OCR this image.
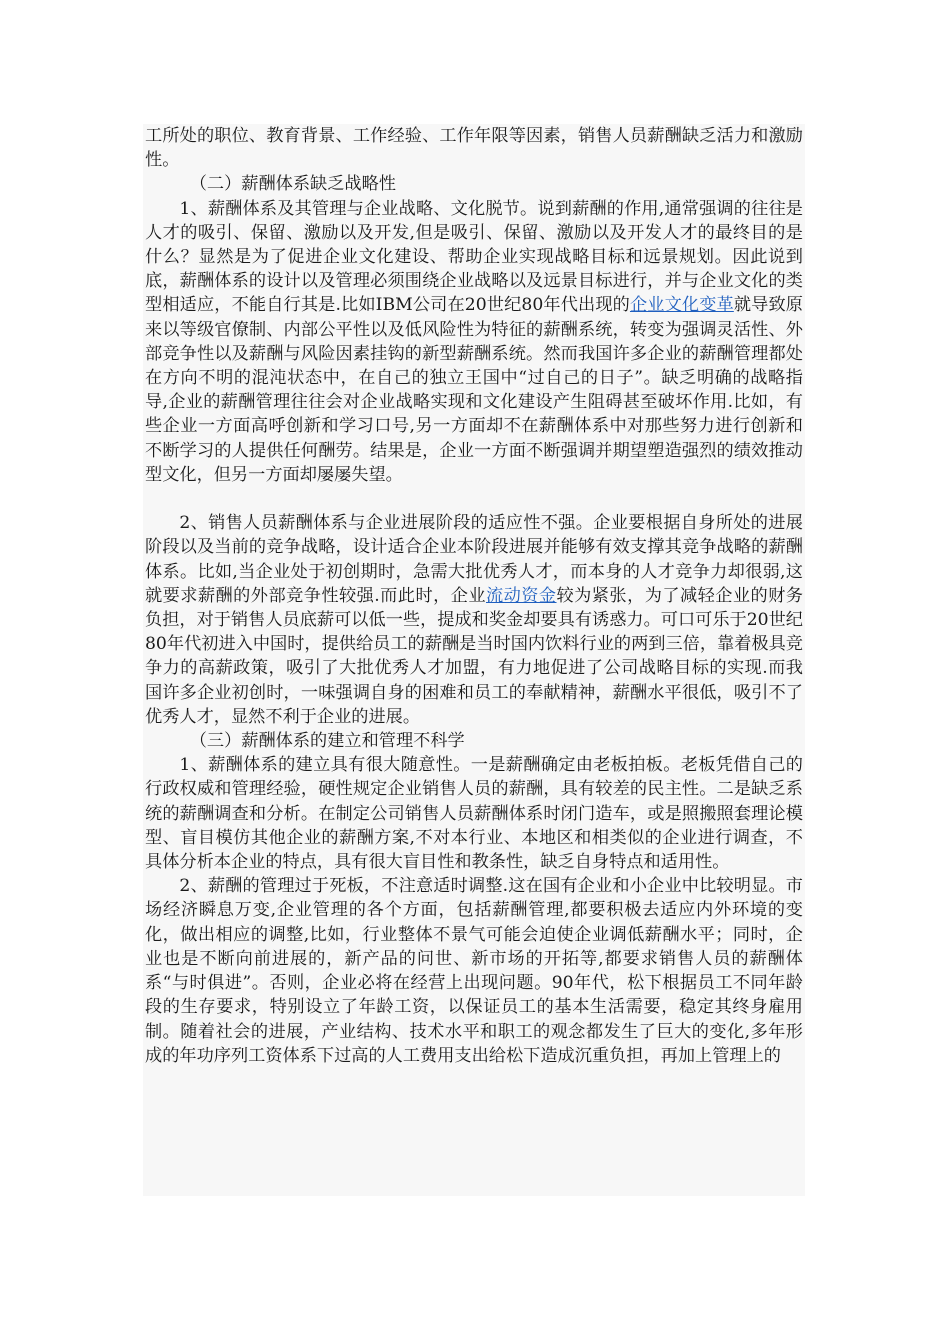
工所处的职位、教育背景、工作经验、工作年限等因素，销售人员薪酬缺乏活力和激励性。

（二）薪酬体系缺乏战略性

1、薪酬体系及其管理与企业战略、文化脱节。说到薪酬的作用,通常强调的往往是人才的吸引、保留、激励以及开发,但是吸引、保留、激励以及开发人才的最终目的是什么？显然是为了促进企业文化建设、帮助企业实现战略目标和远景规划。因此说到底，薪酬体系的设计以及管理必须围绕企业战略以及远景目标进行，并与企业文化的类型相适应，不能自行其是.比如IBM公司在20世纪80年代出现的企业文化变革就导致原来以等级官僚制、内部公平性以及低风险性为特征的薪酬系统，转变为强调灵活性、外部竞争性以及薪酬与风险因素挂钩的新型薪酬系统。然而我国许多企业的薪酬管理都处在方向不明的混沌状态中，在自己的独立王国中“过自己的日子”。缺乏明确的战略指导,企业的薪酬管理往往会对企业战略实现和文化建设产生阻碍甚至破坏作用.比如，有些企业一方面高呼创新和学习口号,另一方面却不在薪酬体系中对那些努力进行创新和不断学习的人提供任何酬劳。结果是，企业一方面不断强调并期望塑造强烈的绩效推动型文化，但另一方面却屡屡失望。

2、销售人员薪酬体系与企业进展阶段的适应性不强。企业要根据自身所处的进展阶段以及当前的竞争战略，设计适合企业本阶段进展并能够有效支撑其竞争战略的薪酬体系。比如,当企业处于初创期时，急需大批优秀人才，而本身的人才竞争力却很弱,这就要求薪酬的外部竞争性较强.而此时，企业流动资金较为紧张，为了减轻企业的财务负担，对于销售人员底薪可以低一些，提成和奖金却要具有诱惑力。可口可乐于20世纪80年代初进入中国时，提供给员工的薪酬是当时国内饮料行业的两到三倍，靠着极具竞争力的高薪政策，吸引了大批优秀人才加盟，有力地促进了公司战略目标的实现.而我国许多企业初创时，一味强调自身的困难和员工的奉献精神，薪酬水平很低，吸引不了优秀人才，显然不利于企业的进展。

（三）薪酬体系的建立和管理不科学

1、薪酬体系的建立具有很大随意性。一是薪酬确定由老板拍板。老板凭借自己的行政权威和管理经验，硬性规定企业销售人员的薪酬，具有较差的民主性。二是缺乏系统的薪酬调查和分析。在制定公司销售人员薪酬体系时闭门造车，或是照搬照套理论模型、盲目模仿其他企业的薪酬方案,不对本行业、本地区和相类似的企业进行调查，不具体分析本企业的特点，具有很大盲目性和教条性，缺乏自身特点和适用性。

2、薪酬的管理过于死板，不注意适时调整.这在国有企业和小企业中比较明显。市场经济瞬息万变,企业管理的各个方面，包括薪酬管理,都要积极去适应内外环境的变化，做出相应的调整,比如，行业整体不景气可能会迫使企业调低薪酬水平；同时，企业也是不断向前进展的，新产品的问世、新市场的开拓等,都要求销售人员的薪酬体系“与时俱进”。否则，企业必将在经营上出现问题。90年代，松下根据员工不同年龄段的生存要求，特别设立了年龄工资，以保证员工的基本生活需要，稳定其终身雇用制。随着社会的进展，产业结构、技术水平和职工的观念都发生了巨大的变化,多年形成的年功序列工资体系下过高的人工费用支出给松下造成沉重负担，再加上管理上的
